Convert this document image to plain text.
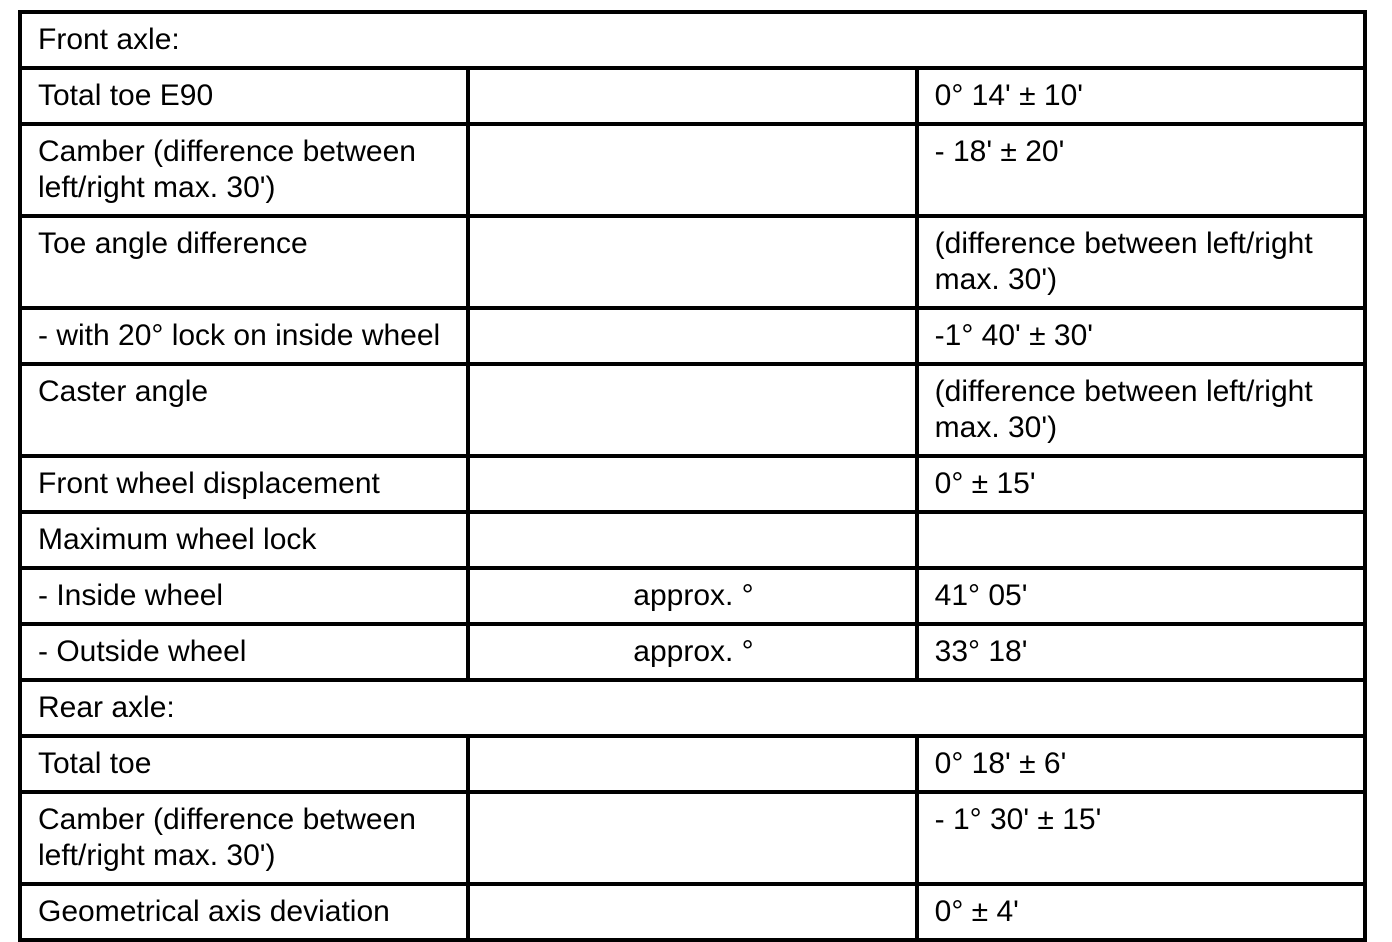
Front axle:		
Total toe E90		0° 14' ± 10'
Camber (difference between left/right max. 30')		- 18' ± 20'
Toe angle difference		(difference between left/right max. 30')
- with 20° lock on inside wheel		-1° 40' ± 30'
Caster angle		(difference between left/right max. 30')
Front wheel displacement		0° ± 15'
Maximum wheel lock		
- Inside wheel	approx. °	41° 05'
- Outside wheel	approx. °	33° 18'
Rear axle:		
Total toe		0° 18' ± 6'
Camber (difference between left/right max. 30')		- 1° 30' ± 15'
Geometrical axis deviation		0° ± 4'
